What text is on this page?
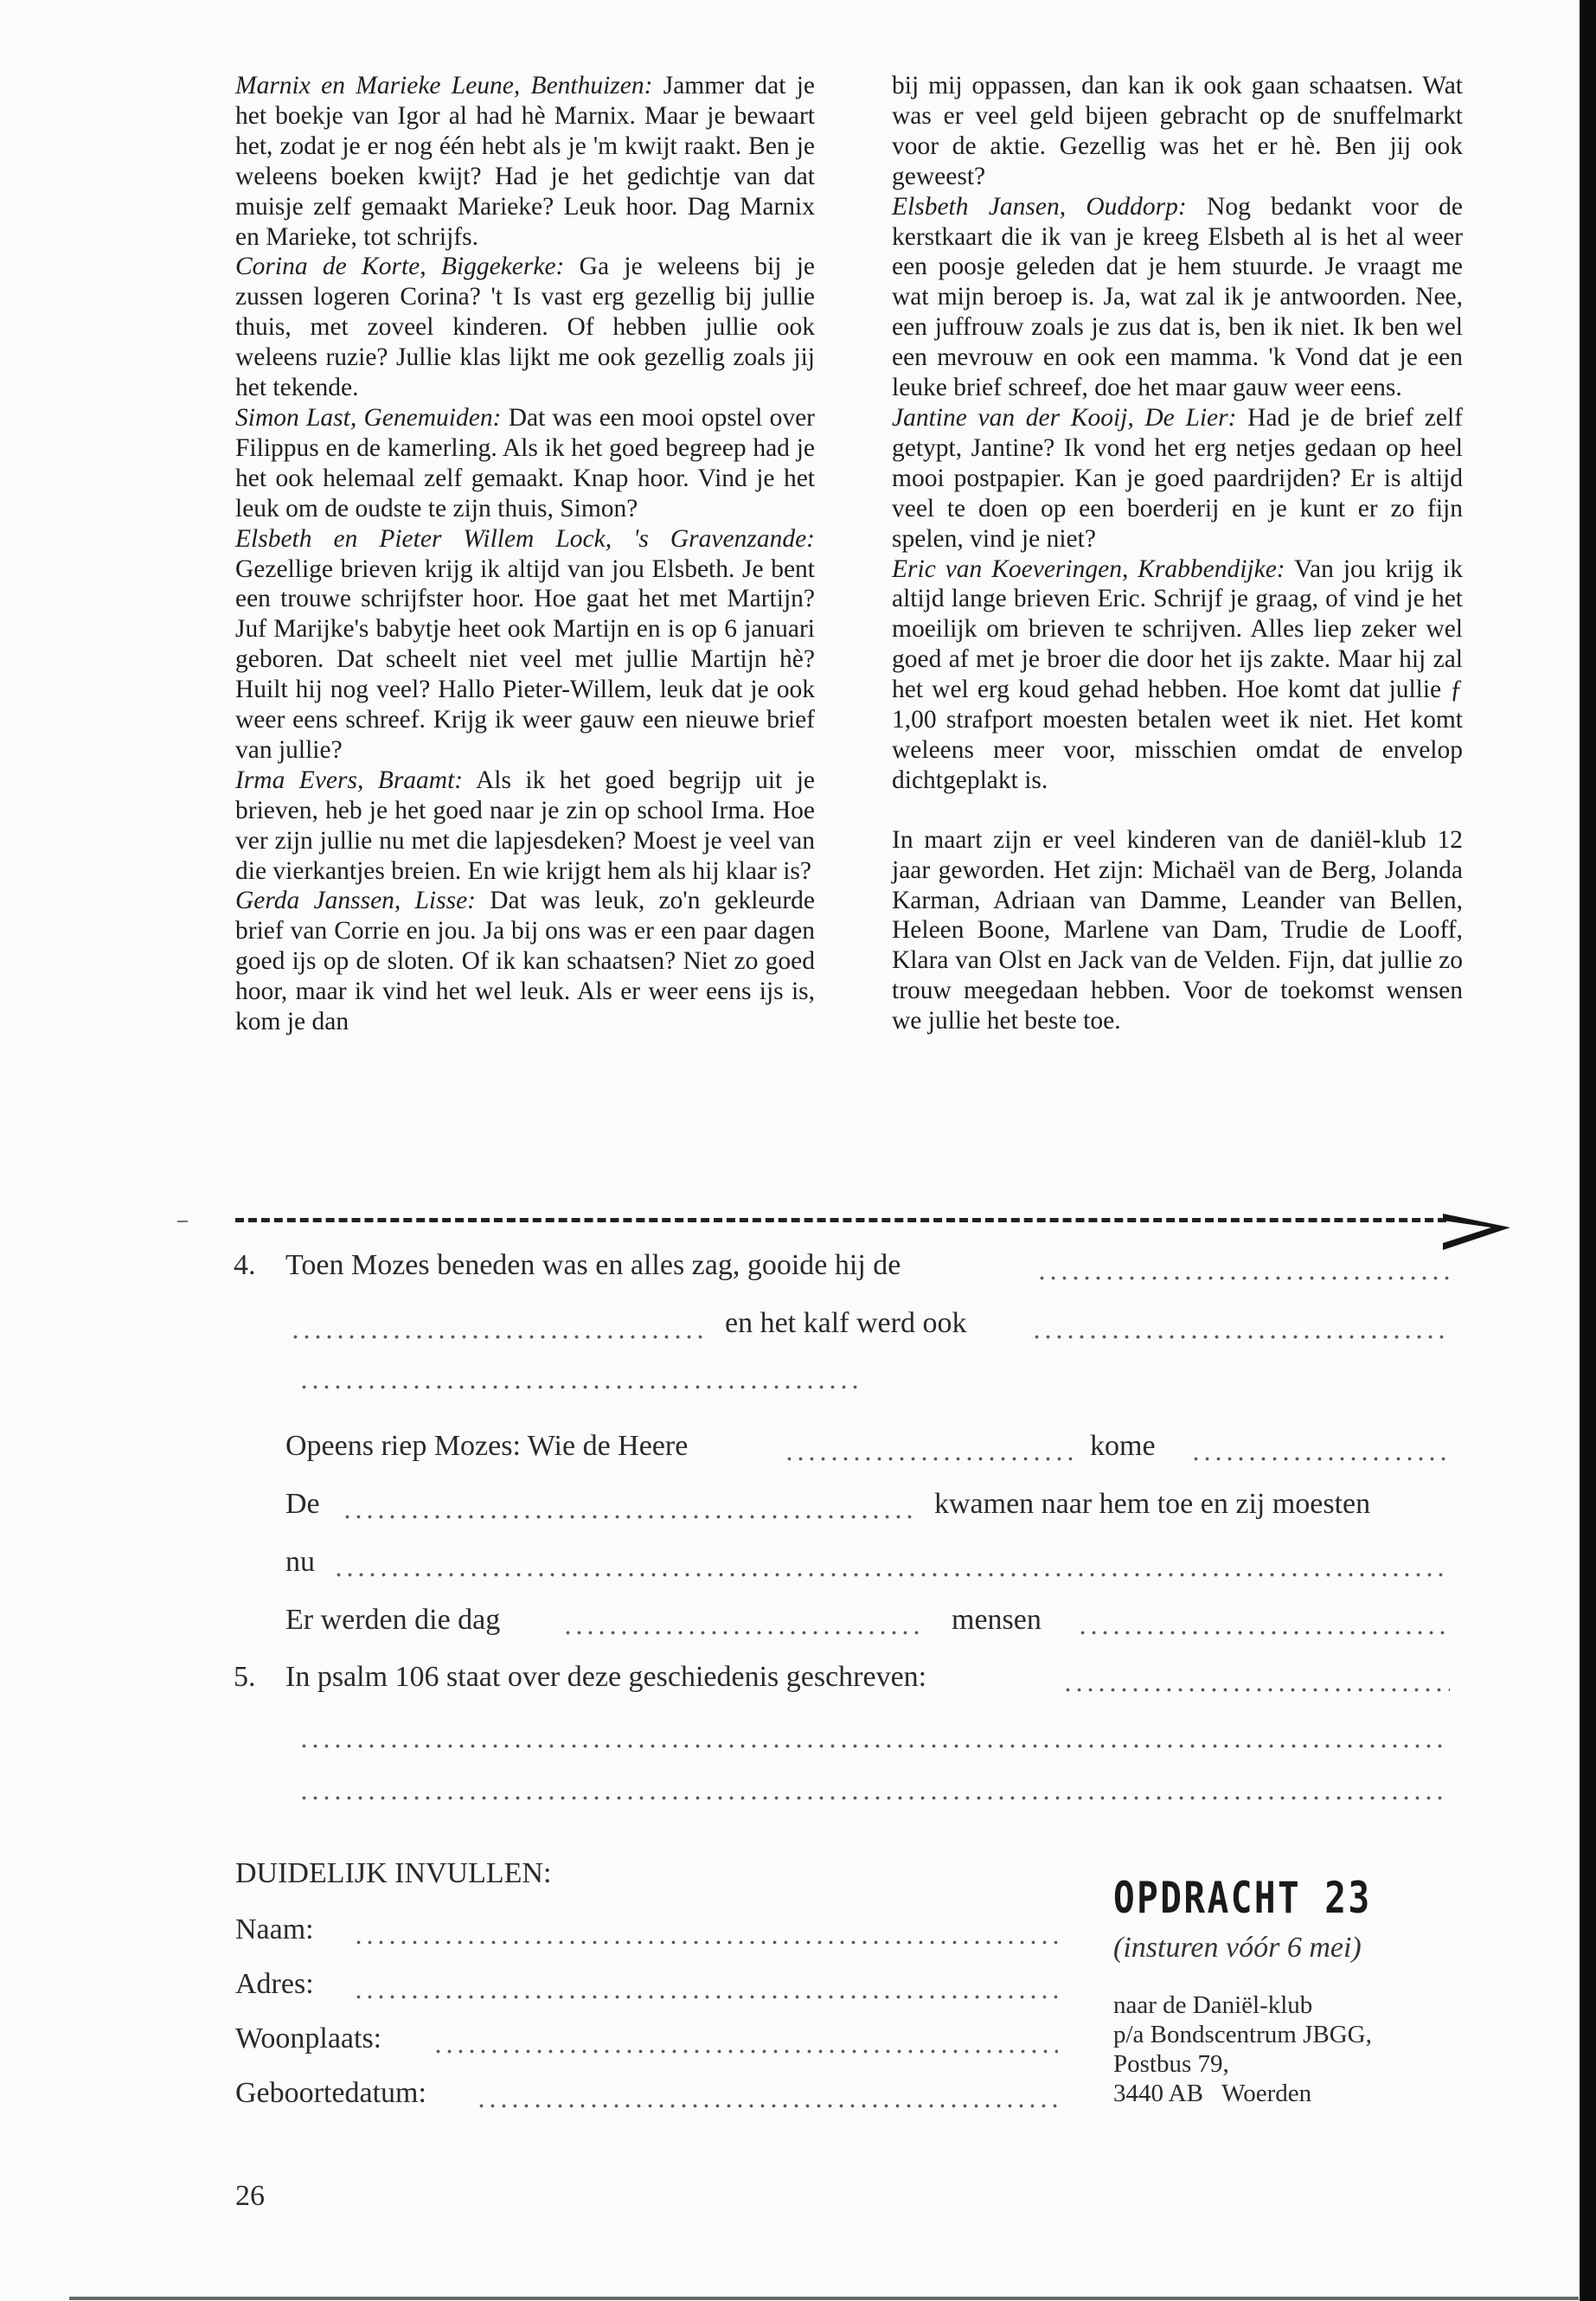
Marnix en Marieke Leune, Benthuizen: Jammer dat je het boekje van Igor al had hè Marnix. Maar je bewaart het, zodat je er nog één hebt als je 'm kwijt raakt. Ben je weleens boeken kwijt? Had je het gedichtje van dat muisje zelf gemaakt Marieke? Leuk hoor. Dag Marnix en Marieke, tot schrijfs.

Corina de Korte, Biggekerke: Ga je weleens bij je zussen logeren Corina? 't Is vast erg gezellig bij jullie thuis, met zoveel kinderen. Of hebben jullie ook weleens ruzie? Jullie klas lijkt me ook gezellig zoals jij het tekende.

Simon Last, Genemuiden: Dat was een mooi opstel over Filippus en de kamerling. Als ik het goed begreep had je het ook helemaal zelf gemaakt. Knap hoor. Vind je het leuk om de oudste te zijn thuis, Simon?

Elsbeth en Pieter Willem Lock, 's Gravenzande: Gezellige brieven krijg ik altijd van jou Elsbeth. Je bent een trouwe schrijfster hoor. Hoe gaat het met Martijn? Juf Marijke's babytje heet ook Martijn en is op 6 januari geboren. Dat scheelt niet veel met jullie Martijn hè? Huilt hij nog veel? Hallo Pieter-Willem, leuk dat je ook weer eens schreef. Krijg ik weer gauw een nieuwe brief van jullie?

Irma Evers, Braamt: Als ik het goed begrijp uit je brieven, heb je het goed naar je zin op school Irma. Hoe ver zijn jullie nu met die lapjesdeken? Moest je veel van die vierkantjes breien. En wie krijgt hem als hij klaar is?

Gerda Janssen, Lisse: Dat was leuk, zo'n gekleurde brief van Corrie en jou. Ja bij ons was er een paar dagen goed ijs op de sloten. Of ik kan schaatsen? Niet zo goed hoor, maar ik vind het wel leuk. Als er weer eens ijs is, kom je dan

bij mij oppassen, dan kan ik ook gaan schaatsen. Wat was er veel geld bijeen gebracht op de snuffelmarkt voor de aktie. Gezellig was het er hè. Ben jij ook geweest?

Elsbeth Jansen, Ouddorp: Nog bedankt voor de kerstkaart die ik van je kreeg Elsbeth al is het al weer een poosje geleden dat je hem stuurde. Je vraagt me wat mijn beroep is. Ja, wat zal ik je antwoorden. Nee, een juffrouw zoals je zus dat is, ben ik niet. Ik ben wel een mevrouw en ook een mamma. 'k Vond dat je een leuke brief schreef, doe het maar gauw weer eens.

Jantine van der Kooij, De Lier: Had je de brief zelf getypt, Jantine? Ik vond het erg netjes gedaan op heel mooi postpapier. Kan je goed paardrijden? Er is altijd veel te doen op een boerderij en je kunt er zo fijn spelen, vind je niet?

Eric van Koeveringen, Krabbendijke: Van jou krijg ik altijd lange brieven Eric. Schrijf je graag, of vind je het moeilijk om brieven te schrijven. Alles liep zeker wel goed af met je broer die door het ijs zakte. Maar hij zal het wel erg koud gehad hebben. Hoe komt dat jullie ƒ 1,00 strafport moesten betalen weet ik niet. Het komt weleens meer voor, misschien omdat de envelop dichtgeplakt is.

In maart zijn er veel kinderen van de daniël-klub 12 jaar geworden. Het zijn: Michaël van de Berg, Jolanda Karman, Adriaan van Damme, Leander van Bellen, Heleen Boone, Marlene van Dam, Trudie de Looff, Klara van Olst en Jack van de Velden. Fijn, dat jullie zo trouw meegedaan hebben. Voor de toekomst wensen we jullie het beste toe.

4. Toen Mozes beneden was en alles zag, gooide hij de
en het kalf werd ook
Opeens riep Mozes: Wie de Heere	kome
De	kwamen naar hem toe en zij moesten
nu
Er werden die dag	mensen
5. In psalm 106 staat over deze geschiedenis geschreven:
DUIDELIJK INVULLEN:
Naam:
Adres:
Woonplaats:
Geboortedatum:
OPDRACHT 23
(insturen vóór 6 mei)
naar de Daniël-klub
p/a Bondscentrum JBGG,
Postbus 79,
3440 AB   Woerden
26
